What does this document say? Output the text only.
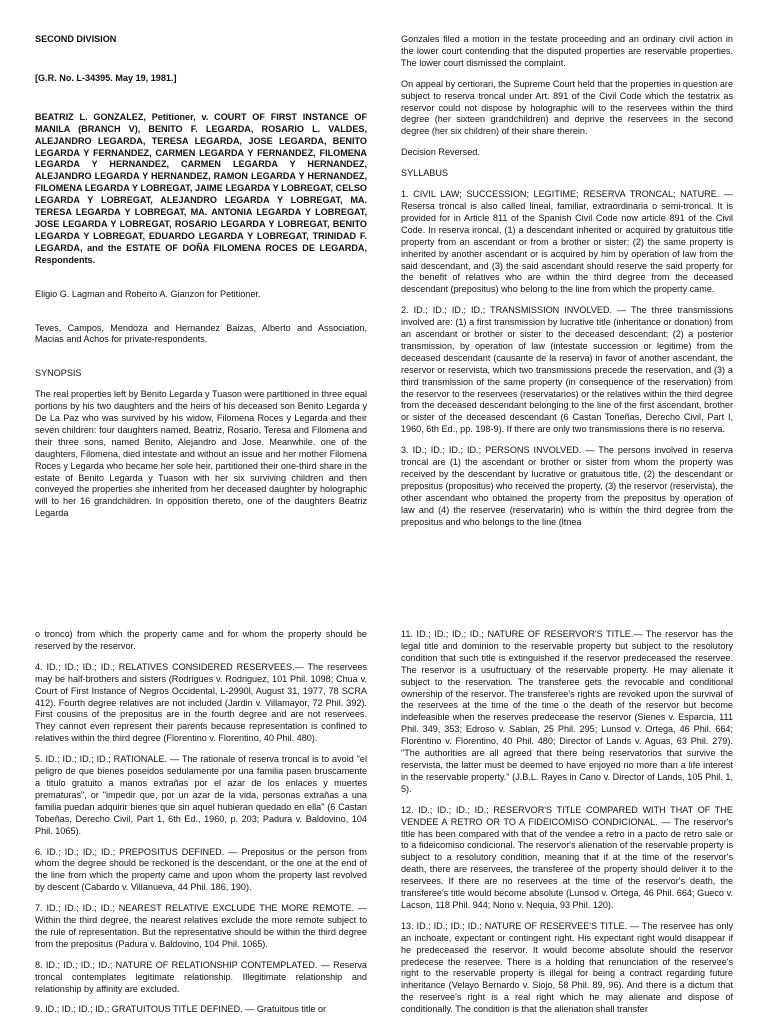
SECOND DIVISION

[G.R. No. L-34395. May 19, 1981.]

BEATRIZ L. GONZALEZ, Petitioner, v. COURT OF FIRST INSTANCE OF MANILA (BRANCH V), BENITO F. LEGARDA, ROSARIO L. VALDES, ALEJANDRO LEGARDA, TERESA LEGARDA, JOSE LEGARDA, BENITO LEGARDA Y FERNANDEZ, CARMEN LEGARDA Y FERNANDEZ, FILOMENA LEGARDA Y HERNANDEZ, CARMEN LEGARDA Y HERNANDEZ, ALEJANDRO LEGARDA Y HERNANDEZ, RAMON LEGARDA Y HERNANDEZ, FILOMENA LEGARDA Y LOBREGAT, JAIME LEGARDA Y LOBREGAT, CELSO LEGARDA Y LOBREGAT, ALEJANDRO LEGARDA Y LOBREGAT, MA. TERESA LEGARDA Y LOBREGAT, MA. ANTONIA LEGARDA Y LOBREGAT, JOSE LEGARDA Y LOBREGAT, ROSARIO LEGARDA Y LOBREGAT, BENITO LEGARDA Y LOBREGAT, EDUARDO LEGARDA Y LOBREGAT, TRINIDAD F. LEGARDA, and the ESTATE OF DOÑA FILOMENA ROCES DE LEGARDA, Respondents.

Eligio G. Lagman and Roberto A. Gianzon for Petitioner.

Teves, Campos, Mendoza and Hernandez Baizas, Alberto and Association, Macias and Achos for private-respondents.

SYNOPSIS

The real properties left by Benito Legarda y Tuason were partitioned in three equal portions by his two daughters and the heirs of his deceased son Benito Legarda y De La Paz who was survived by his widow, Filomena Roces y Legarda and their seven children: four daughters named, Beatriz, Rosario, Teresa and Filomena and their three sons, named Benito, Alejandro and Jose. Meanwhile. one of the daughters, Filomena, died intestate and without an issue and her mother Filomena Roces y Legarda who became her sole heir, partitioned their one-third share in the estate of Benito Legarda y Tuason with her six surviving children and then conveyed the properties she inherited from her deceased daughter by holographic will to her 16 grandchildren. In opposition thereto, one of the daughters Beatriz Legarda

Gonzales filed a motion in the testate proceeding and an ordinary civil action in the lower court contending that the disputed properties are reservable properties. The lower court dismissed the complaint.

On appeal by certiorari, the Supreme Court held that the properties in question are subject to reserva troncal under Art. 891 of the Civil Code which the testatrix as reservor could not dispose by holographic will to the reservees within the third degree (her sixteen grandchildren) and deprive the reservees in the second degree (her six children) of their share therein.

Decision Reversed.

SYLLABUS

1. CIVIL LAW; SUCCESSION; LEGITIME; RESERVA TRONCAL; NATURE. — Resersa troncal is also called lineal, familiar, extraordinaria o semi-troncal. It is provided for in Article 811 of the Spanish Civil Code now article 891 of the Civil Code. In reserva ironcal, (1) a descendant inherited or acquired by gratuitous title property from an ascendant or from a brother or sister; (2) the same property is inherited by another ascendant or is acquired by him by operation of law from the said descendant, and (3) the said ascendant should reserve the said property for the benefit of relatives who are within the third degree from the deceased descendant (prepositus) who belong to the line from which the property came.

2. ID.; ID.; ID.; ID.; TRANSMISSION INVOLVED. — The three transmissions involved are: (1) a first transmission by lucrative title (inheritance or donation) from an ascendant or brother or sister to the deceased descendant; (2) a posterior transmission, by operation of law (intestate succession or legitime) from the deceased descendant (causante de la reserva) in favor of another ascendant, the reservor or reservista, which two transmissions precede the reservation, and (3) a third transmission of the same property (in consequence of the reservation) from the reservor to the reservees (reservatarios) or the relatives within the third degree from the deceased descendant belonging to the line of the first ascendant, brother or sister of the deceased descendant (6 Castan Toneñas, Derecho Civil, Part I, 1960, 6th Ed., pp. 198-9). If there are only two transmissions there is no reserva.

3. ID.; ID.; ID.; ID.; PERSONS INVOLVED. — The persons involved in reserva troncal are (1) the ascendant or brother or sister from whom the property was received by the descendant by lucrative or gratuitous title, (2) the descendant or prepositus (propositus) who received the property, (3) the reservor (reservista), the other ascendant who obtained the property from the prepositus by operation of law and (4) the reservee (reservatarin) who is within the third degree from the prepositus and who belongs to the line (ltnea

o tronco) from which the property came and for whom the property should be reserved by the reservor.

4. ID.; ID.; ID.; ID.; RELATIVES CONSIDERED RESERVEES.— The reservees may be half-brothers and sisters (Rodrigues v. Rodriguez, 101 Phil. 1098; Chua v. Court of First Instance of Negros Occidental, L-2990l, August 31, 1977, 78 SCRA 412). Fourth degree relatives are not included (Jardin v. Villamayor, 72 Phil. 392). First cousins of the prepositus are in the fourth degree and are not reservees. They cannot even represent their parents because representation is confined to relatives within the third degree (Florentino v. Florentino, 40 Phil. 480).

5. ID.; ID.; ID.; ID.; RATIONALE. — The rationale of reserva troncal is to avoid "el peligro de que bienes poseidos sedulamente por una familia pasen bruscamente a titulo gratuito a manos extrañas por el azar de los enlaces y muertes prematuras", or "impedir que, por un azar de la vida, personas extrañas a una familia puedan adquirir bienes que sin aquel hubieran quedado en ella" (6 Castan Tobeñas, Derecho Civil, Part 1, 6th Ed., 1960, p. 203; Padura v. Baldovino, 104 Phil. 1065).

6. ID.; ID.; ID.; ID.; PREPOSITUS DEFINED. — Prepositus or the person from whom the degree should be reckoned is the descendant, or the one at the end of the line from which the property came and upon whom the property last revolved by descent (Cabardo v. Villanueva, 44 Phil. 186, 190).

7. ID.; ID.; ID.; ID.; NEAREST RELATIVE EXCLUDE THE MORE REMOTE. — Within the third degree, the nearest relatives exclude the more remote subject to the rule of representation. But the representative should be within the third degree from the prepositus (Padura v. Baldovino, 104 Phil. 1065).

8. ID.; ID.; ID.; ID.; NATURE OF RELATIONSHIP CONTEMPLATED. — Reserva troncal contemplates legitimate relationship. Illegitimate relationship and relationship by affinity are excluded.

9. ID.; ID.; ID.; ID.; GRATUITOUS TITLE DEFINED. — Gratuitous title or

11. ID.; ID.; ID.; ID.; NATURE OF RESERVOR'S TITLE.— The reservor has the legal title and dominion to the reservable property but subject to the resolutory condition that such title is extinguished if the reservor predeceased the reservee. The reservor is a usufructuary of the reservable property. He may alienate it subject to the reservation. The transferee gets the revocable and conditional ownership of the reservor. The transferee's rights are revoked upon the survival of the reservees at the time of the time o the death of the reservor but become indefeasible when the reserves predecease the reservor (Sienes v. Esparcia, 111 Phil. 349, 353; Edroso v. Sablan, 25 Phil. 295; Lunsod v. Ortega, 46 Phil. 664; Florentino v. Florentino, 40 Phil. 480; Director of Lands v. Aguas, 63 Phil. 279). "The authorities are all agreed that there being reservatorios that survive the reservista, the latter must be deemed to have enjoyed no more than a life interest in the reservable property." (J.B.L. Rayes in Cano v. Director of Lands, 105 Phil. 1, 5).

12. ID.; ID.; ID.; ID.; RESERVOR'S TITLE COMPARED WITH THAT OF THE VENDEE A RETRO OR TO A FIDEICOMISO CONDICIONAL. — The reservor's title has been compared with that of the vendee a retro in a pacto de retro sale or to a fideicomiso condicional. The reservor's alienation of the reservable property is subject to a resolutory condition, meaning that if at the time of the reservor's death, there are reservees, the transferee of the property should deliver it to the reservees. If there are no reservees at the time of the reservor's death, the transferee's title would become absolute (Lunsod v. Ortega, 46 Phil. 664; Gueco v. Lacson, 118 Phil. 944; Nono v. Nequia, 93 Phil. 120).

13. ID.; ID.; ID.; ID.; NATURE OF RESERVEE'S TITLE. — The reservee has only an inchoate, expectant or contingent right. His expectant right would disappear if he predeceased the reservor. It would become absolute should the reservor predecese the reservee. There is a holding that renunciation of the reservee's right to the reservable property is illegal for being a contract regarding future inheritance (Velayo Bernardo v. Siojo, 58 Phil. 89, 96). And there is a dictum that the reservee's right is a real right which he may alienate and dispose of conditionally. The condition is that the alienation shall transfer
